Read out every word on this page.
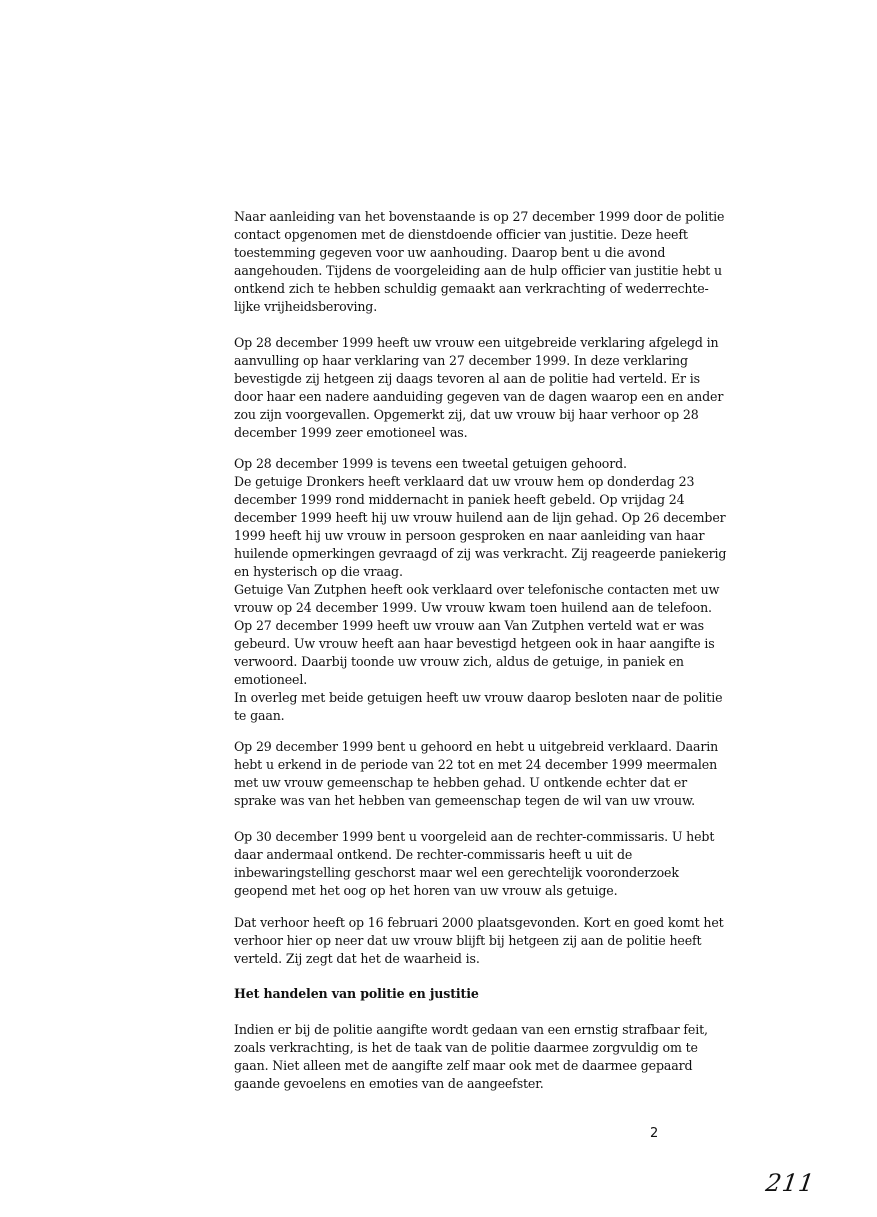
Naar aanleiding van het bovenstaande is op 27 december 1999 door de politie
contact opgenomen met de dienstdoende officier van justitie. Deze heeft
toestemming gegeven voor uw aanhouding. Daarop bent u die avond
aangehouden. Tijdens de voorgeleiding aan de hulp officier van justitie hebt u
ontkend zich te hebben schuldig gemaakt aan verkrachting of wederrechte-
lijke vrijheidsberoving.

Op 28 december 1999 heeft uw vrouw een uitgebreide verklaring afgelegd in
aanvulling op haar verklaring van 27 december 1999. In deze verklaring
bevestigde zij hetgeen zij daags tevoren al aan de politie had verteld. Er is
door haar een nadere aanduiding gegeven van de dagen waarop een en ander
zou zijn voorgevallen. Opgemerkt zij, dat uw vrouw bij haar verhoor op 28
december 1999 zeer emotioneel was.

Op 28 december 1999 is tevens een tweetal getuigen gehoord.
De getuige Dronkers heeft verklaard dat uw vrouw hem op donderdag 23
december 1999 rond middernacht in paniek heeft gebeld. Op vrijdag 24
december 1999 heeft hij uw vrouw huilend aan de lijn gehad. Op 26 december
1999 heeft hij uw vrouw in persoon gesproken en naar aanleiding van haar
huilende opmerkingen gevraagd of zij was verkracht. Zij reageerde paniekerig
en hysterisch op die vraag.
Getuige Van Zutphen heeft ook verklaard over telefonische contacten met uw
vrouw op 24 december 1999. Uw vrouw kwam toen huilend aan de telefoon.
Op 27 december 1999 heeft uw vrouw aan Van Zutphen verteld wat er was
gebeurd. Uw vrouw heeft aan haar bevestigd hetgeen ook in haar aangifte is
verwoord. Daarbij toonde uw vrouw zich, aldus de getuige, in paniek en
emotioneel.
In overleg met beide getuigen heeft uw vrouw daarop besloten naar de politie
te gaan.

Op 29 december 1999 bent u gehoord en hebt u uitgebreid verklaard. Daarin
hebt u erkend in de periode van 22 tot en met 24 december 1999 meermalen
met uw vrouw gemeenschap te hebben gehad. U ontkende echter dat er
sprake was van het hebben van gemeenschap tegen de wil van uw vrouw.

Op 30 december 1999 bent u voorgeleid aan de rechter-commissaris. U hebt
daar andermaal ontkend. De rechter-commissaris heeft u uit de
inbewaringstelling geschorst maar wel een gerechtelijk vooronderzoek
geopend met het oog op het horen van uw vrouw als getuige.

Dat verhoor heeft op 16 februari 2000 plaatsgevonden. Kort en goed komt het
verhoor hier op neer dat uw vrouw blijft bij hetgeen zij aan de politie heeft
verteld. Zij zegt dat het de waarheid is.

Het handelen van politie en justitie

Indien er bij de politie aangifte wordt gedaan van een ernstig strafbaar feit,
zoals verkrachting, is het de taak van de politie daarmee zorgvuldig om te
gaan. Niet alleen met de aangifte zelf maar ook met de daarmee gepaard
gaande gevoelens en emoties van de aangeefster.

2
211
